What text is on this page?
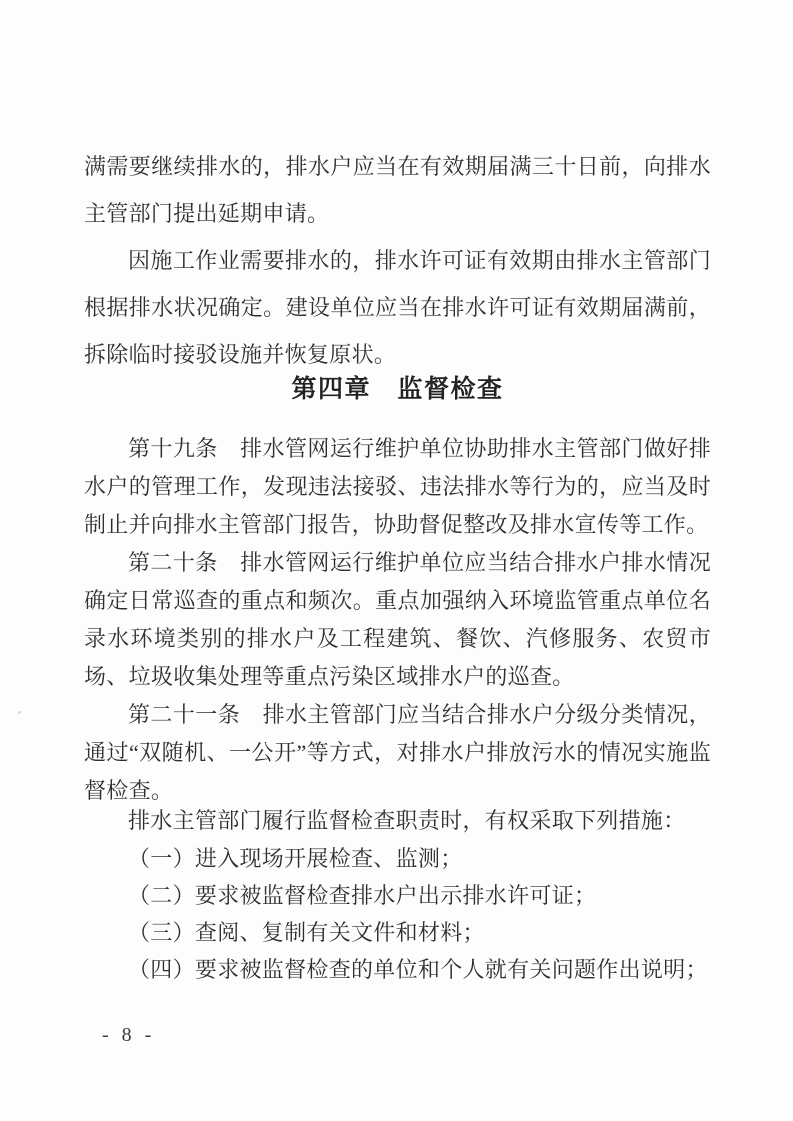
满需要继续排水的，排水户应当在有效期届满三十日前，向排水主管部门提出延期申请。

因施工作业需要排水的，排水许可证有效期由排水主管部门根据排水状况确定。建设单位应当在排水许可证有效期届满前，拆除临时接驳设施并恢复原状。

第四章　监督检查

第十九条　排水管网运行维护单位协助排水主管部门做好排水户的管理工作，发现违法接驳、违法排水等行为的，应当及时制止并向排水主管部门报告，协助督促整改及排水宣传等工作。

第二十条　排水管网运行维护单位应当结合排水户排水情况确定日常巡查的重点和频次。重点加强纳入环境监管重点单位名录水环境类别的排水户及工程建筑、餐饮、汽修服务、农贸市场、垃圾收集处理等重点污染区域排水户的巡查。

第二十一条　排水主管部门应当结合排水户分级分类情况，通过“双随机、一公开”等方式，对排水户排放污水的情况实施监督检查。

排水主管部门履行监督检查职责时，有权采取下列措施：

（一）进入现场开展检查、监测；

（二）要求被监督检查排水户出示排水许可证；

（三）查阅、复制有关文件和材料；

（四）要求被监督检查的单位和个人就有关问题作出说明；

- 8 -
